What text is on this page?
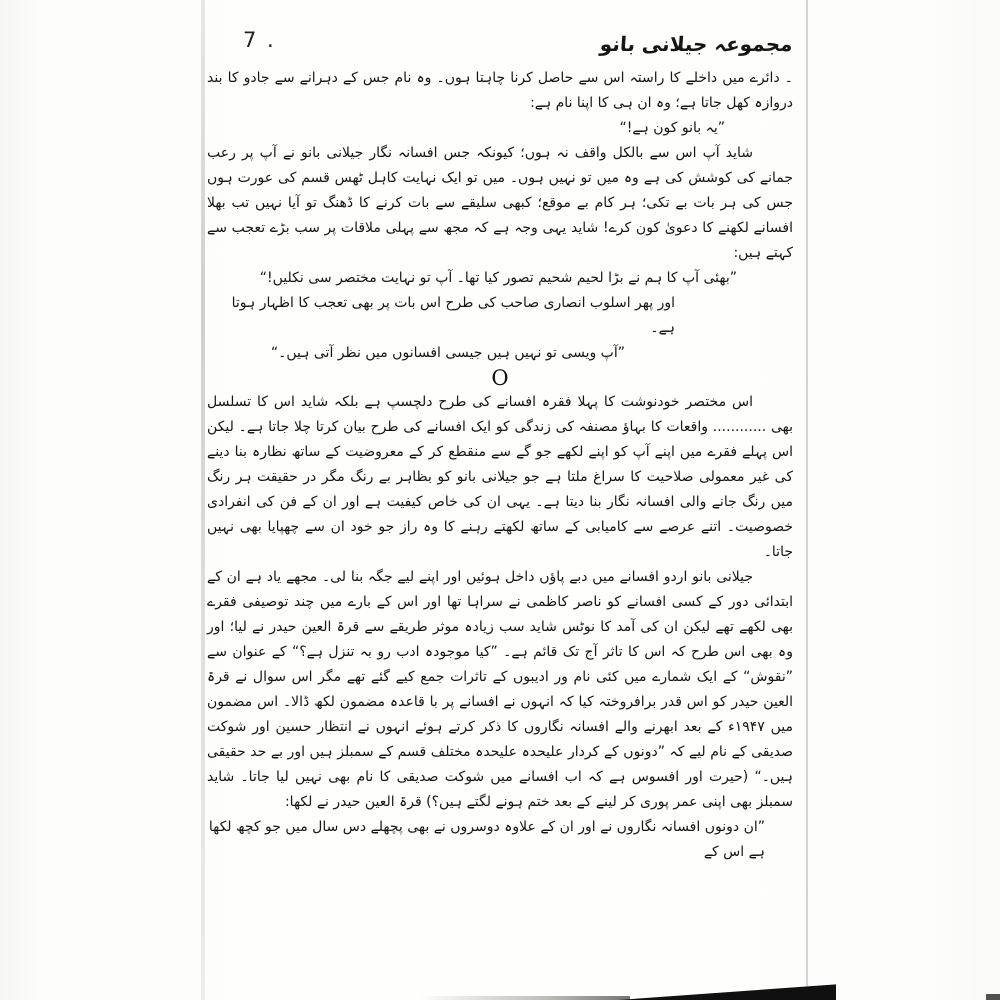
7 .	مجموعہ جیلانی بانو

۔ دائرے میں داخلے کا راستہ اس سے حاصل کرنا چاہتا ہوں۔ وہ نام جس کے دہرانے سے جادو کا بند دروازہ کھل جاتا ہے؛ وہ ان ہی کا اپنا نام ہے:

”یہ بانو کون ہے!“

شاید آپ اس سے بالکل واقف نہ ہوں؛ کیونکہ جس افسانہ نگار جیلانی بانو نے آپ پر رعب جمانے کی کوشش کی ہے وہ میں تو نہیں ہوں۔ میں تو ایک نہایت کاہل ٹھس قسم کی عورت ہوں جس کی ہر بات بے تکی؛ ہر کام بے موقع؛ کبھی سلیقے سے بات کرنے کا ڈھنگ تو آیا نہیں تب بھلا افسانے لکھنے کا دعویٰ کون کرے! شاید یہی وجہ ہے کہ مجھ سے پہلی ملاقات پر سب بڑے تعجب سے کہتے ہیں:

”بھئی آپ کا ہم نے بڑا لحیم شحیم تصور کیا تھا۔ آپ تو نہایت مختصر سی نکلیں!“

اور پھر اسلوب انصاری صاحب کی طرح اس بات پر بھی تعجب کا اظہار ہوتا ہے۔

”آپ ویسی تو نہیں ہیں جیسی افسانوں میں نظر آتی ہیں۔“

O

اس مختصر خودنوشت کا پہلا فقرہ افسانے کی طرح دلچسپ ہے بلکہ شاید اس کا تسلسل بھی ............ واقعات کا بہاؤ مصنفہ کی زندگی کو ایک افسانے کی طرح بیان کرتا چلا جاتا ہے۔ لیکن اس پہلے فقرے میں اپنے آپ کو اپنے لکھے جو گے سے منقطع کر کے معروضیت کے ساتھ نظارہ بنا دینے کی غیر معمولی صلاحیت کا سراغ ملتا ہے جو جیلانی بانو کو بظاہر بے رنگ مگر در حقیقت ہر رنگ میں رنگ جانے والی افسانہ نگار بنا دیتا ہے۔ یہی ان کی خاص کیفیت ہے اور ان کے فن کی انفرادی خصوصیت۔ اتنے عرصے سے کامیابی کے ساتھ لکھتے رہنے کا وہ راز جو خود ان سے چھپایا بھی نہیں جاتا۔

جیلانی بانو اردو افسانے میں دبے پاؤں داخل ہوئیں اور اپنے لیے جگہ بنا لی۔ مجھے یاد ہے ان کے ابتدائی دور کے کسی افسانے کو ناصر کاظمی نے سراہا تھا اور اس کے بارے میں چند توصیفی فقرے بھی لکھے تھے لیکن ان کی آمد کا نوٹس شاید سب زیادہ موثر طریقے سے قرۃ العین حیدر نے لیا؛ اور وہ بھی اس طرح کہ اس کا تاثر آج تک قائم ہے۔ ”کیا موجودہ ادب رو بہ تنزل ہے؟“ کے عنوان سے ”نقوش“ کے ایک شمارے میں کئی نام ور ادیبوں کے تاثرات جمع کیے گئے تھے مگر اس سوال نے قرۃ العین حیدر کو اس قدر برافروختہ کیا کہ انہوں نے افسانے پر با قاعدہ مضمون لکھ ڈالا۔ اس مضمون میں ۱۹۴۷ء کے بعد ابھرنے والے افسانہ نگاروں کا ذکر کرتے ہوئے انہوں نے انتظار حسین اور شوکت صدیقی کے نام لیے کہ ”دونوں کے کردار علیحدہ علیحدہ مختلف قسم کے سمبلز ہیں اور بے حد حقیقی ہیں۔“ (حیرت اور افسوس ہے کہ اب افسانے میں شوکت صدیقی کا نام بھی نہیں لیا جاتا۔ شاید سمبلز بھی اپنی عمر پوری کر لینے کے بعد ختم ہونے لگتے ہیں؟) قرۃ العین حیدر نے لکھا:

”ان دونوں افسانہ نگاروں نے اور ان کے علاوہ دوسروں نے بھی پچھلے دس سال میں جو کچھ لکھا ہے اس کے
